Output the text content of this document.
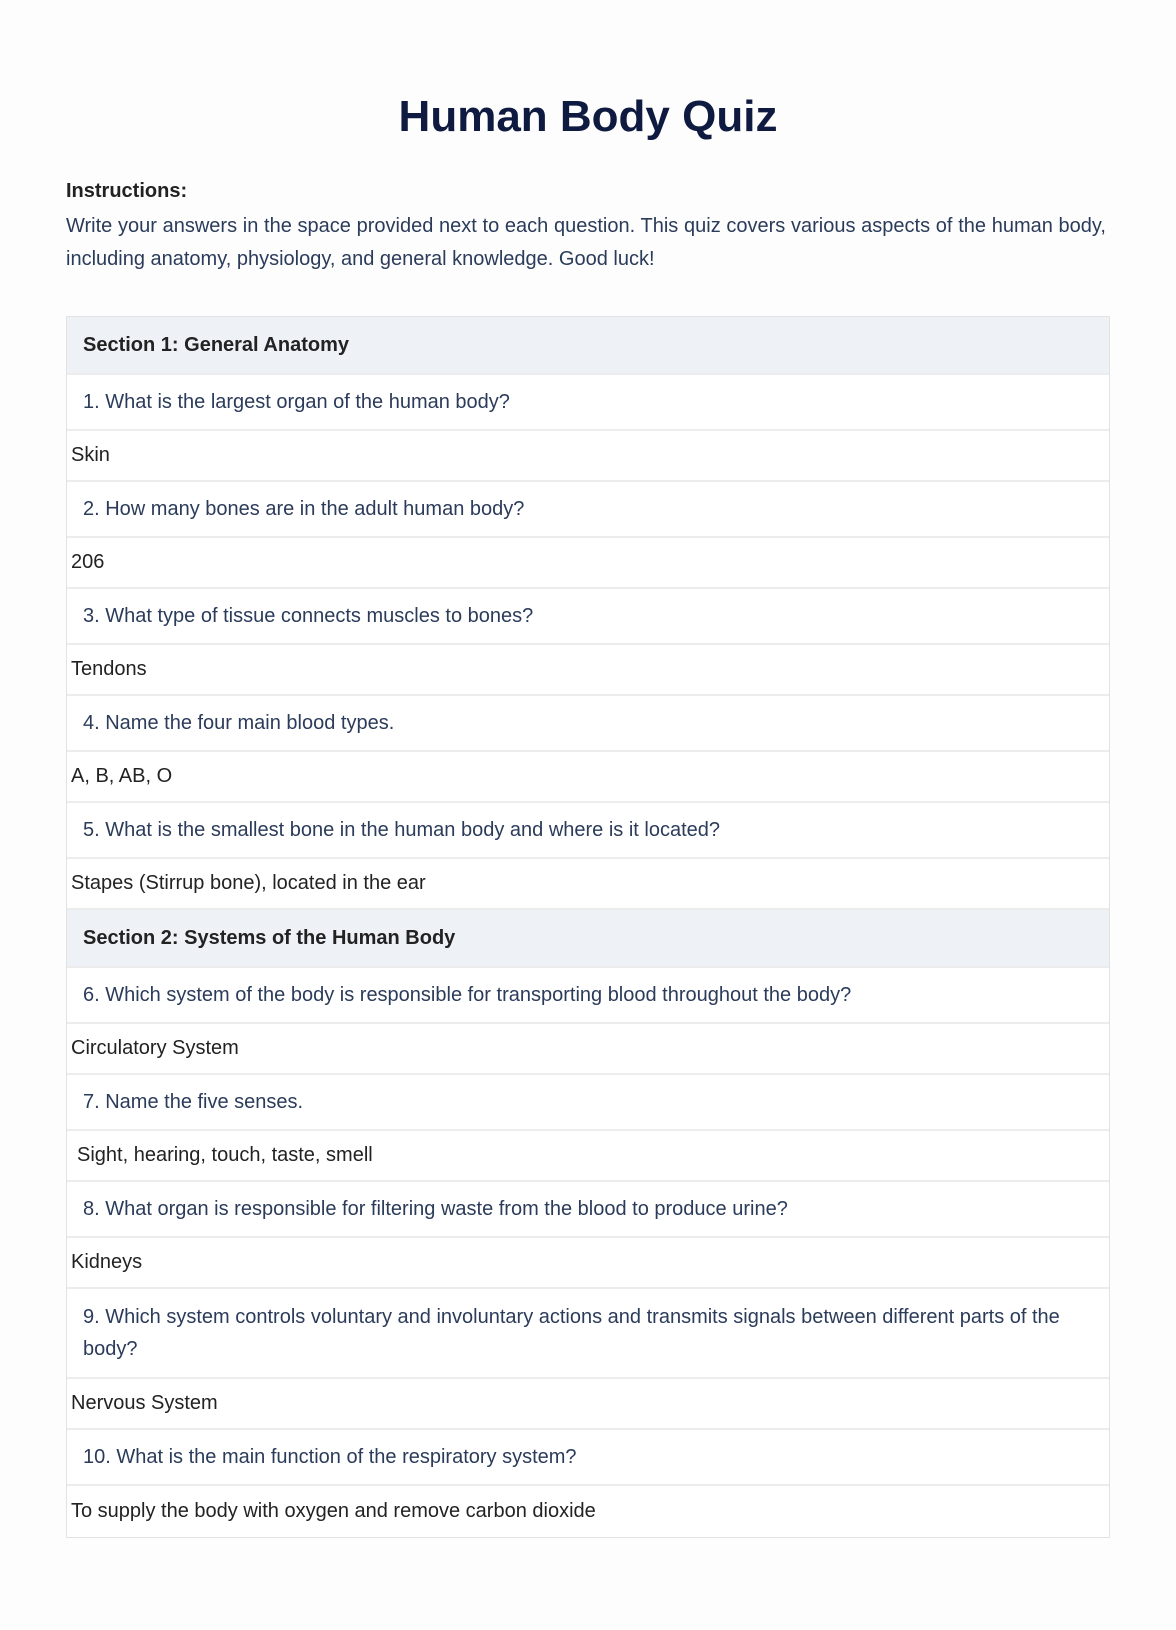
Human Body Quiz
Instructions:
Write your answers in the space provided next to each question. This quiz covers various aspects of the human body, including anatomy, physiology, and general knowledge. Good luck!
Section 1: General Anatomy
1. What is the largest organ of the human body?
Skin
2. How many bones are in the adult human body?
206
3. What type of tissue connects muscles to bones?
Tendons
4. Name the four main blood types.
A, B, AB, O
5. What is the smallest bone in the human body and where is it located?
Stapes (Stirrup bone), located in the ear
Section 2: Systems of the Human Body
6. Which system of the body is responsible for transporting blood throughout the body?
Circulatory System
7. Name the five senses.
Sight, hearing, touch, taste, smell
8. What organ is responsible for filtering waste from the blood to produce urine?
Kidneys
9. Which system controls voluntary and involuntary actions and transmits signals between different parts of the body?
Nervous System
10. What is the main function of the respiratory system?
To supply the body with oxygen and remove carbon dioxide
